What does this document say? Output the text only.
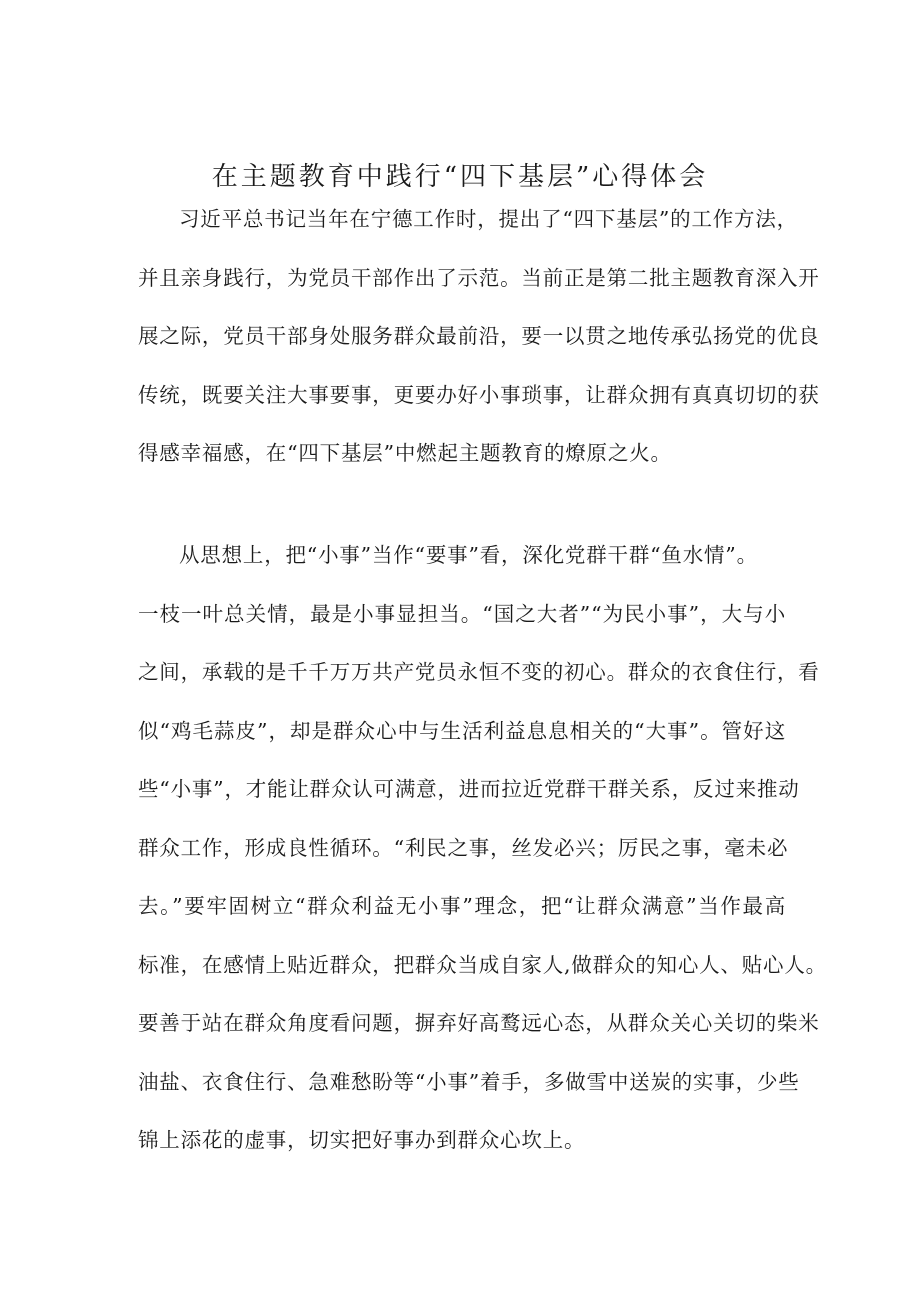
在主题教育中践行“四下基层”心得体会
习近平总书记当年在宁德工作时，提出了“四下基层”的工作方法，
并且亲身践行，为党员干部作出了示范。当前正是第二批主题教育深入开
展之际，党员干部身处服务群众最前沿，要一以贯之地传承弘扬党的优良
传统，既要关注大事要事，更要办好小事琐事，让群众拥有真真切切的获
得感幸福感，在“四下基层”中燃起主题教育的燎原之火。
从思想上，把“小事”当作“要事”看，深化党群干群“鱼水情”。
一枝一叶总关情，最是小事显担当。“国之大者”“为民小事”，大与小
之间，承载的是千千万万共产党员永恒不变的初心。群众的衣食住行，看
似“鸡毛蒜皮”，却是群众心中与生活利益息息相关的“大事”。管好这
些“小事”，才能让群众认可满意，进而拉近党群干群关系，反过来推动
群众工作，形成良性循环。“利民之事，丝发必兴；厉民之事，毫未必
去。”要牢固树立“群众利益无小事”理念，把“让群众满意”当作最高
标准，在感情上贴近群众，把群众当成自家人,做群众的知心人、贴心人。
要善于站在群众角度看问题，摒弃好高鹜远心态，从群众关心关切的柴米
油盐、衣食住行、急难愁盼等“小事”着手，多做雪中送炭的实事，少些
锦上添花的虚事，切实把好事办到群众心坎上。
